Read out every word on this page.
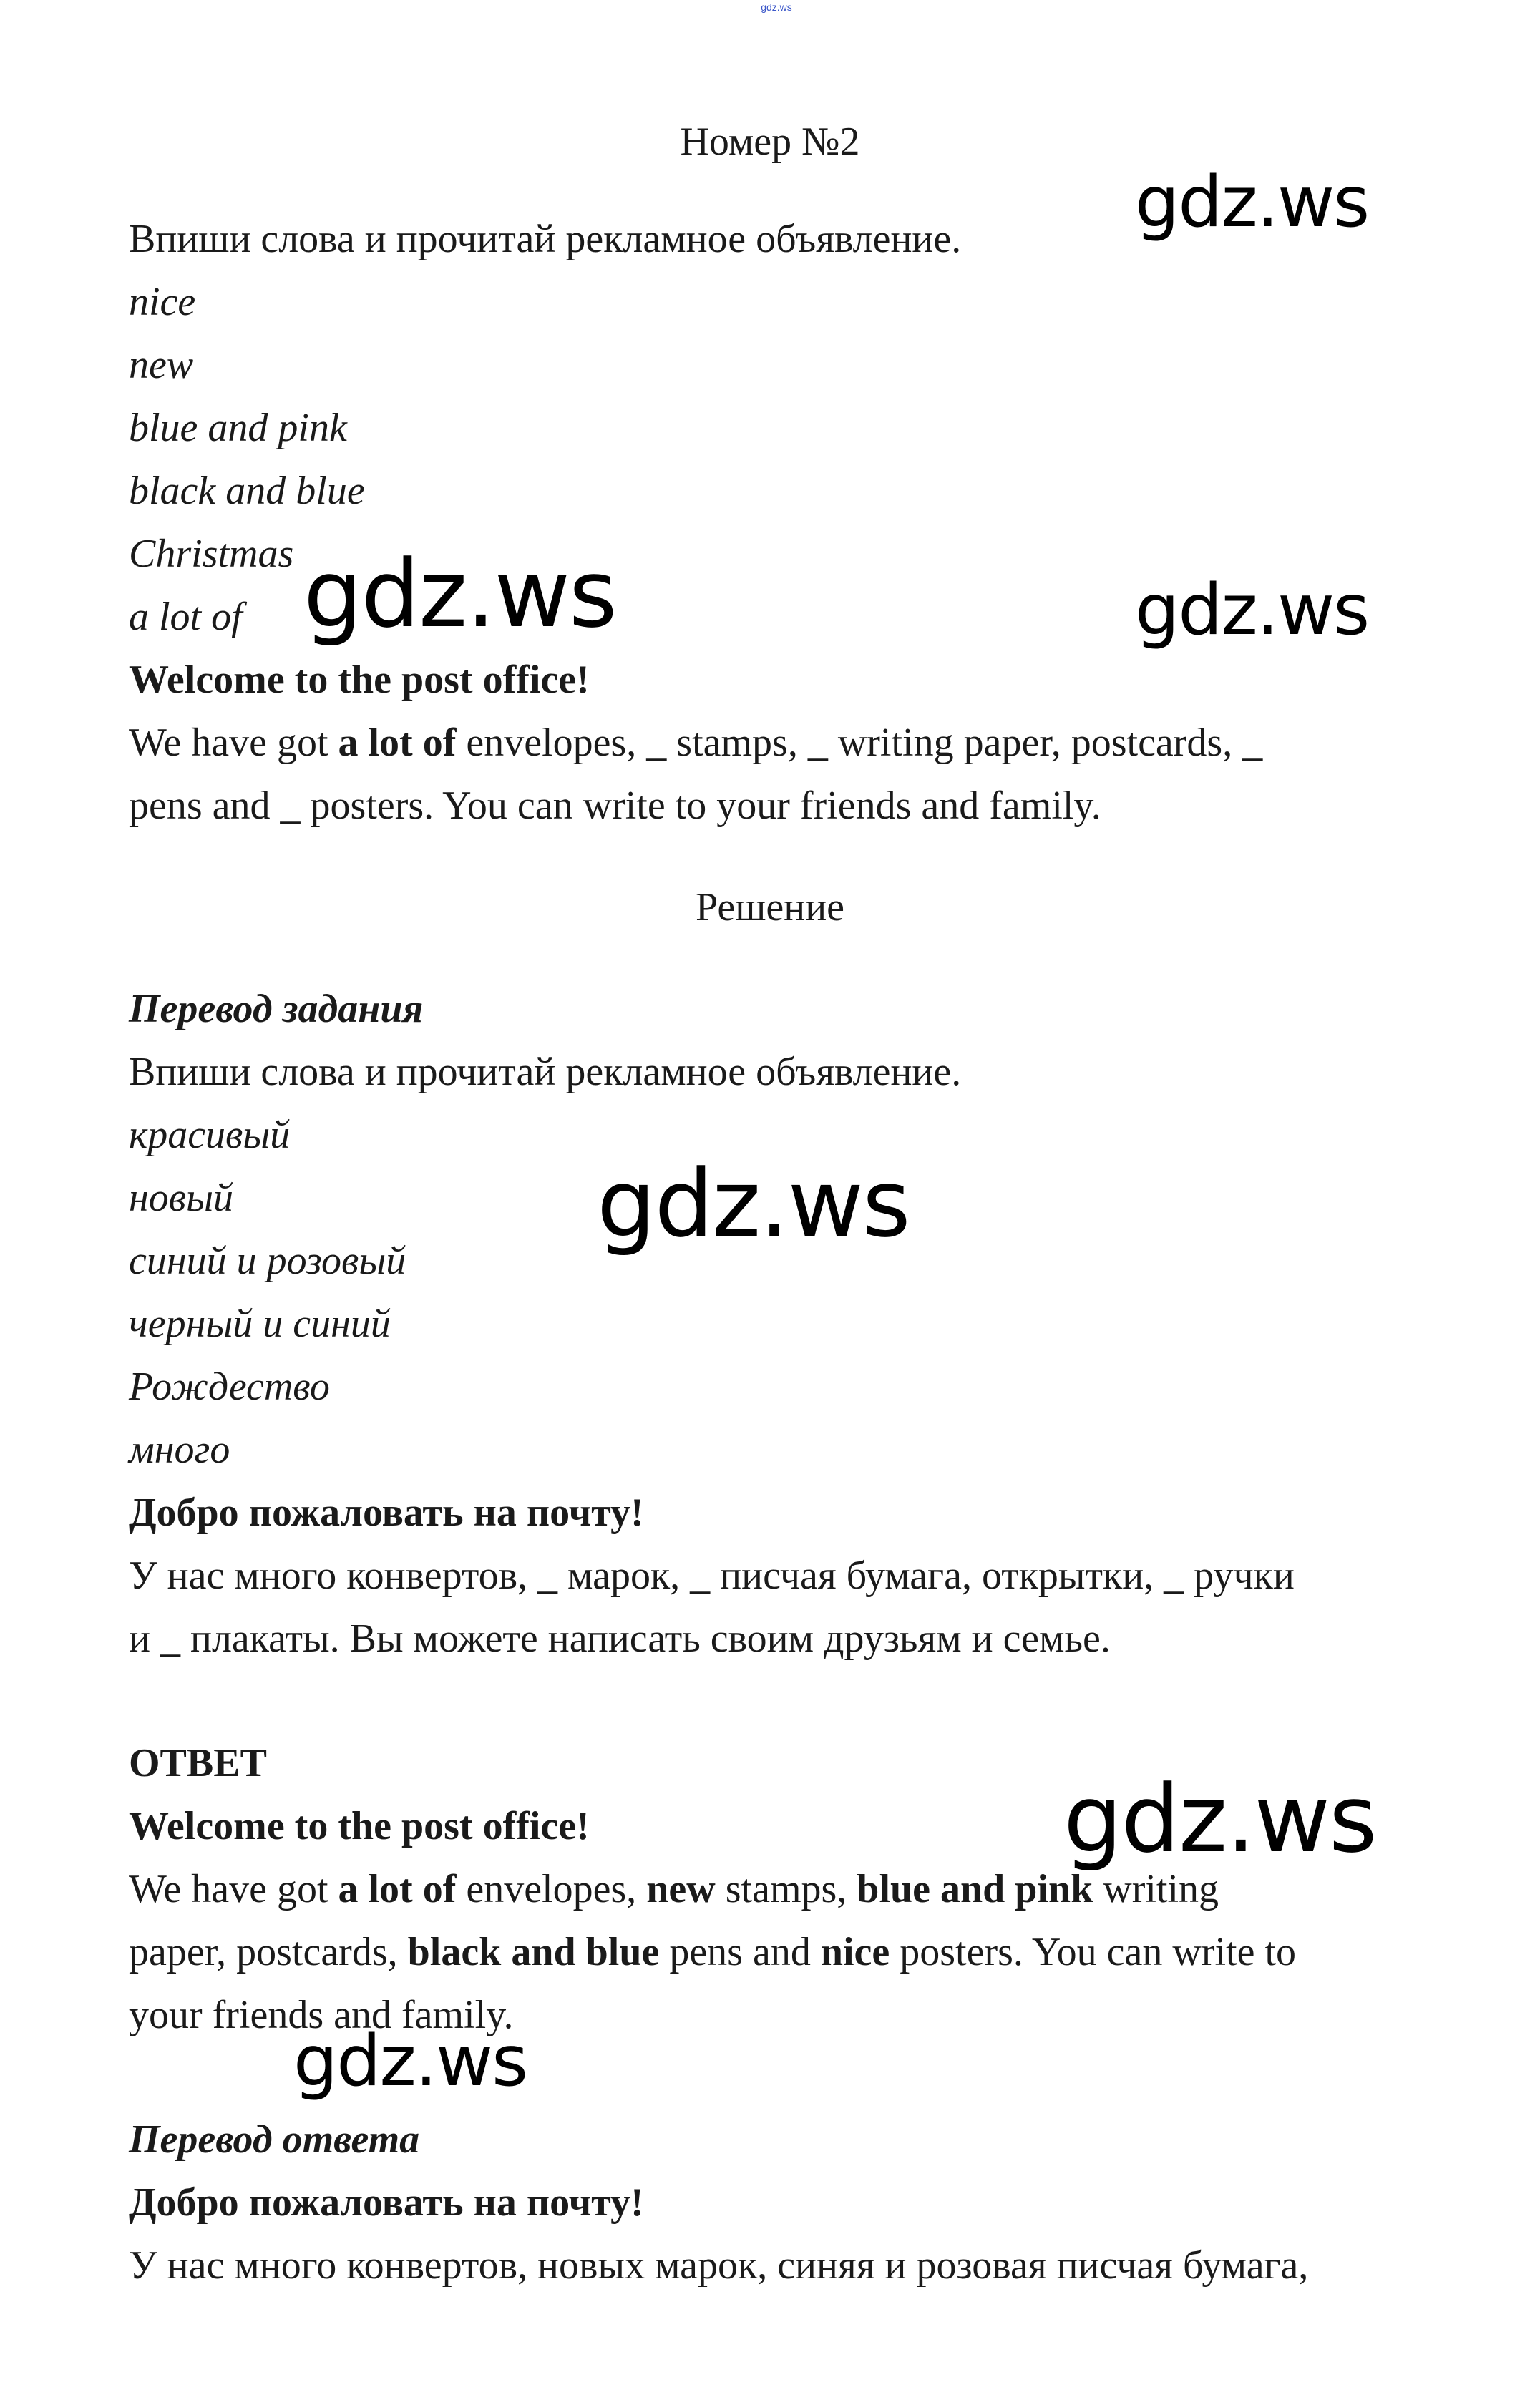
gdz.ws
Номер №2
Впиши слова и прочитай рекламное объявление.
nice
new
blue and pink
black and blue
Christmas
a lot of
Welcome to the post office!
We have got a lot of envelopes, _ stamps, _ writing paper, postcards, _
pens and _ posters. You can write to your friends and family.
Решение
Перевод задания
Впиши слова и прочитай рекламное объявление.
красивый
новый
синий и розовый
черный и синий
Рождество
много
Добро пожаловать на почту!
У нас много конвертов, _ марок, _ писчая бумага, открытки, _ ручки
и _ плакаты. Вы можете написать своим друзьям и семье.
ОТВЕТ
Welcome to the post office!
We have got a lot of envelopes, new stamps, blue and pink writing
paper, postcards, black and blue pens and nice posters. You can write to
your friends and family.
Перевод ответа
Добро пожаловать на почту!
У нас много конвертов, новых марок, синяя и розовая писчая бумага,
gdz.ws
gdz.ws	gdz.ws
gdz.ws
gdz.ws
gdz.ws
